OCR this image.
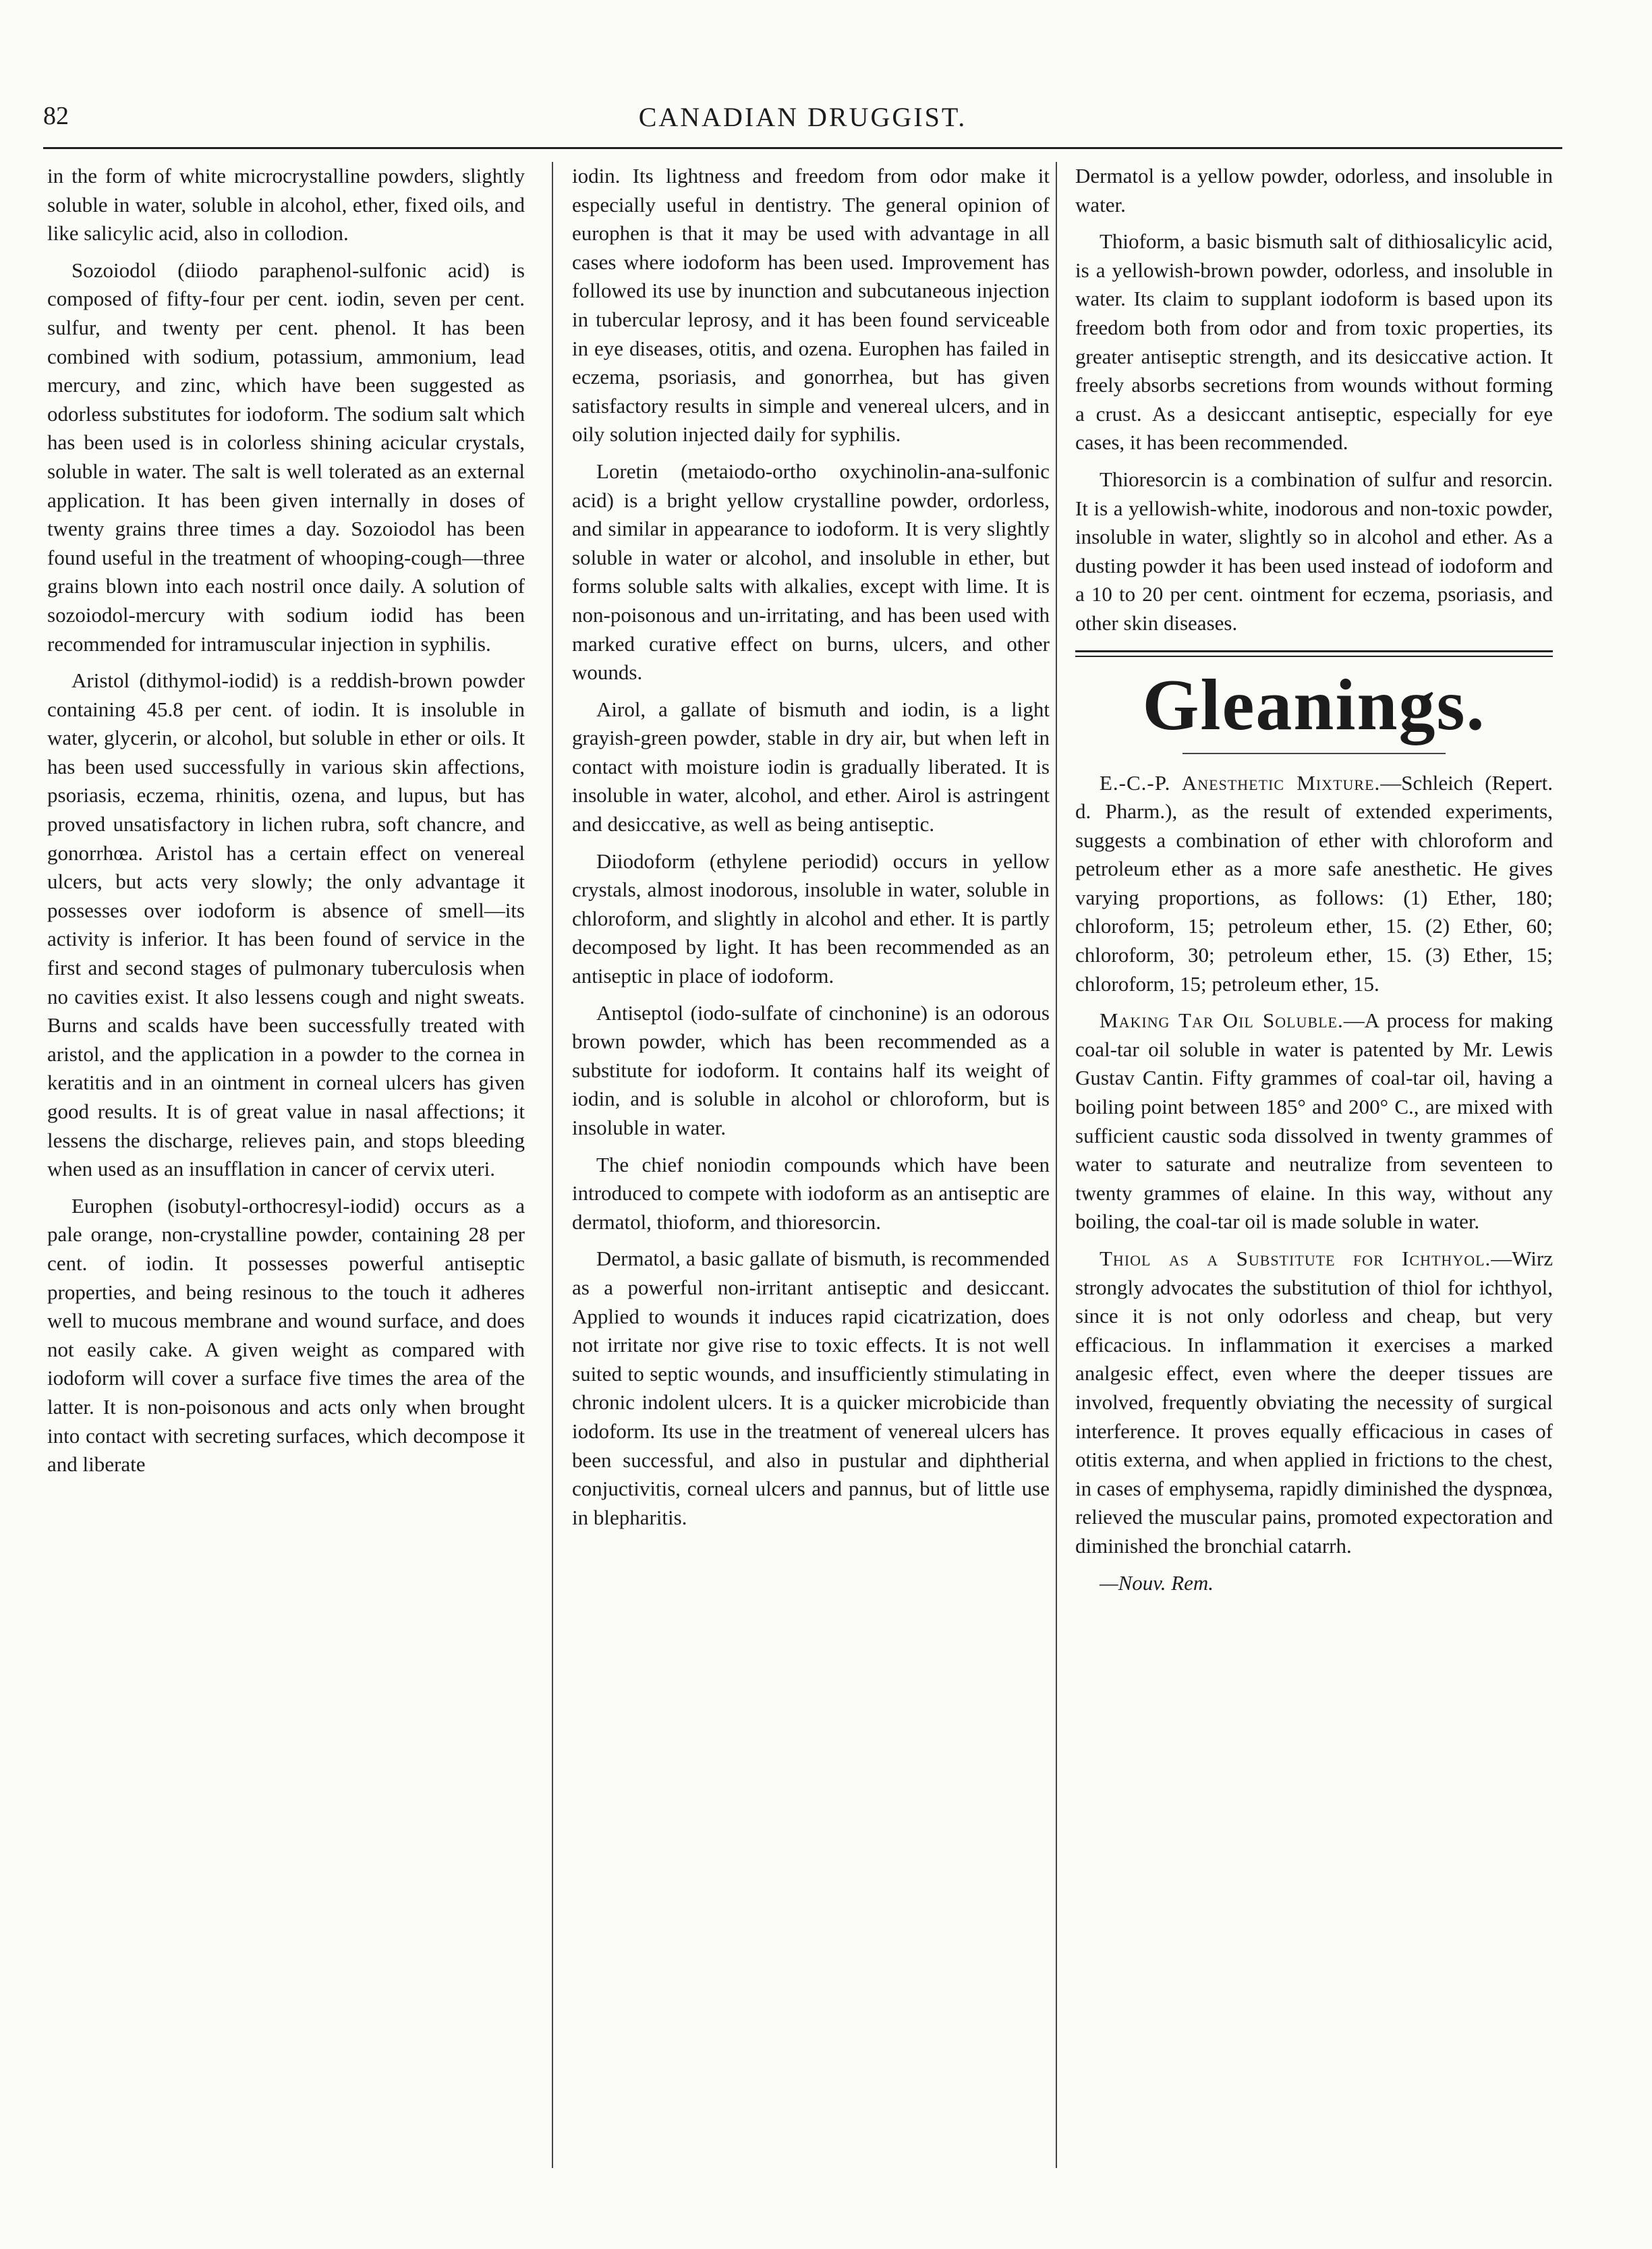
82	CANADIAN DRUGGIST.

in the form of white microcrystalline powders, slightly soluble in water, soluble in alcohol, ether, fixed oils, and like salicylic acid, also in collodion.

Sozoiodol (diiodo paraphenol-sulfonic acid) is composed of fifty-four per cent. iodin, seven per cent. sulfur, and twenty per cent. phenol. It has been combined with sodium, potassium, ammonium, lead mercury, and zinc, which have been suggested as odorless substitutes for iodoform. The sodium salt which has been used is in colorless shining acicular crystals, soluble in water. The salt is well tolerated as an external application. It has been given internally in doses of twenty grains three times a day. Sozoiodol has been found useful in the treatment of whooping-cough—three grains blown into each nostril once daily. A solution of sozoiodol-mercury with sodium iodid has been recommended for intramuscular injection in syphilis.

Aristol (dithymol-iodid) is a reddish-brown powder containing 45.8 per cent. of iodin. It is insoluble in water, glycerin, or alcohol, but soluble in ether or oils. It has been used successfully in various skin affections, psoriasis, eczema, rhinitis, ozena, and lupus, but has proved unsatisfactory in lichen rubra, soft chancre, and gonorrhœa. Aristol has a certain effect on venereal ulcers, but acts very slowly; the only advantage it possesses over iodoform is absence of smell—its activity is inferior. It has been found of service in the first and second stages of pulmonary tuberculosis when no cavities exist. It also lessens cough and night sweats. Burns and scalds have been successfully treated with aristol, and the application in a powder to the cornea in keratitis and in an ointment in corneal ulcers has given good results. It is of great value in nasal affections; it lessens the discharge, relieves pain, and stops bleeding when used as an insufflation in cancer of cervix uteri.

Europhen (isobutyl-orthocresyl-iodid) occurs as a pale orange, non-crystalline powder, containing 28 per cent. of iodin. It possesses powerful antiseptic properties, and being resinous to the touch it adheres well to mucous membrane and wound surface, and does not easily cake. A given weight as compared with iodoform will cover a surface five times the area of the latter. It is non-poisonous and acts only when brought into contact with secreting surfaces, which decompose it and liberate

iodin. Its lightness and freedom from odor make it especially useful in dentistry. The general opinion of europhen is that it may be used with advantage in all cases where iodoform has been used. Improvement has followed its use by inunction and subcutaneous injection in tubercular leprosy, and it has been found serviceable in eye diseases, otitis, and ozena. Europhen has failed in eczema, psoriasis, and gonorrhea, but has given satisfactory results in simple and venereal ulcers, and in oily solution injected daily for syphilis.

Loretin (metaiodo-ortho oxychinolin-ana-sulfonic acid) is a bright yellow crystalline powder, ordorless, and similar in appearance to iodoform. It is very slightly soluble in water or alcohol, and insoluble in ether, but forms soluble salts with alkalies, except with lime. It is non-poisonous and un-irritating, and has been used with marked curative effect on burns, ulcers, and other wounds.

Airol, a gallate of bismuth and iodin, is a light grayish-green powder, stable in dry air, but when left in contact with moisture iodin is gradually liberated. It is insoluble in water, alcohol, and ether. Airol is astringent and desiccative, as well as being antiseptic.

Diiodoform (ethylene periodid) occurs in yellow crystals, almost inodorous, insoluble in water, soluble in chloroform, and slightly in alcohol and ether. It is partly decomposed by light. It has been recommended as an antiseptic in place of iodoform.

Antiseptol (iodo-sulfate of cinchonine) is an odorous brown powder, which has been recommended as a substitute for iodoform. It contains half its weight of iodin, and is soluble in alcohol or chloroform, but is insoluble in water.

The chief noniodin compounds which have been introduced to compete with iodoform as an antiseptic are dermatol, thioform, and thioresorcin.

Dermatol, a basic gallate of bismuth, is recommended as a powerful non-irritant antiseptic and desiccant. Applied to wounds it induces rapid cicatrization, does not irritate nor give rise to toxic effects. It is not well suited to septic wounds, and insufficiently stimulating in chronic indolent ulcers. It is a quicker microbicide than iodoform. Its use in the treatment of venereal ulcers has been successful, and also in pustular and diphtherial conjuctivitis, corneal ulcers and pannus, but of little use in blepharitis.

Dermatol is a yellow powder, odorless, and insoluble in water.

Thioform, a basic bismuth salt of dithiosalicylic acid, is a yellowish-brown powder, odorless, and insoluble in water. Its claim to supplant iodoform is based upon its freedom both from odor and from toxic properties, its greater antiseptic strength, and its desiccative action. It freely absorbs secretions from wounds without forming a crust. As a desiccant antiseptic, especially for eye cases, it has been recommended.

Thioresorcin is a combination of sulfur and resorcin. It is a yellowish-white, inodorous and non-toxic powder, insoluble in water, slightly so in alcohol and ether. As a dusting powder it has been used instead of iodoform and a 10 to 20 per cent. ointment for eczema, psoriasis, and other skin diseases.

Gleanings.

E.-C.-P. Anesthetic Mixture.—Schleich (Repert. d. Pharm.), as the result of extended experiments, suggests a combination of ether with chloroform and petroleum ether as a more safe anesthetic. He gives varying proportions, as follows: (1) Ether, 180; chloroform, 15; petroleum ether, 15. (2) Ether, 60; chloroform, 30; petroleum ether, 15. (3) Ether, 15; chloroform, 15; petroleum ether, 15.

Making Tar Oil Soluble.—A process for making coal-tar oil soluble in water is patented by Mr. Lewis Gustav Cantin. Fifty grammes of coal-tar oil, having a boiling point between 185° and 200° C., are mixed with sufficient caustic soda dissolved in twenty grammes of water to saturate and neutralize from seventeen to twenty grammes of elaine. In this way, without any boiling, the coal-tar oil is made soluble in water.

Thiol as a Substitute for Ichthyol.—Wirz strongly advocates the substitution of thiol for ichthyol, since it is not only odorless and cheap, but very efficacious. In inflammation it exercises a marked analgesic effect, even where the deeper tissues are involved, frequently obviating the necessity of surgical interference. It proves equally efficacious in cases of otitis externa, and when applied in frictions to the chest, in cases of emphysema, rapidly diminished the dyspnœa, relieved the muscular pains, promoted expectoration and diminished the bronchial catarrh.

—Nouv. Rem.
